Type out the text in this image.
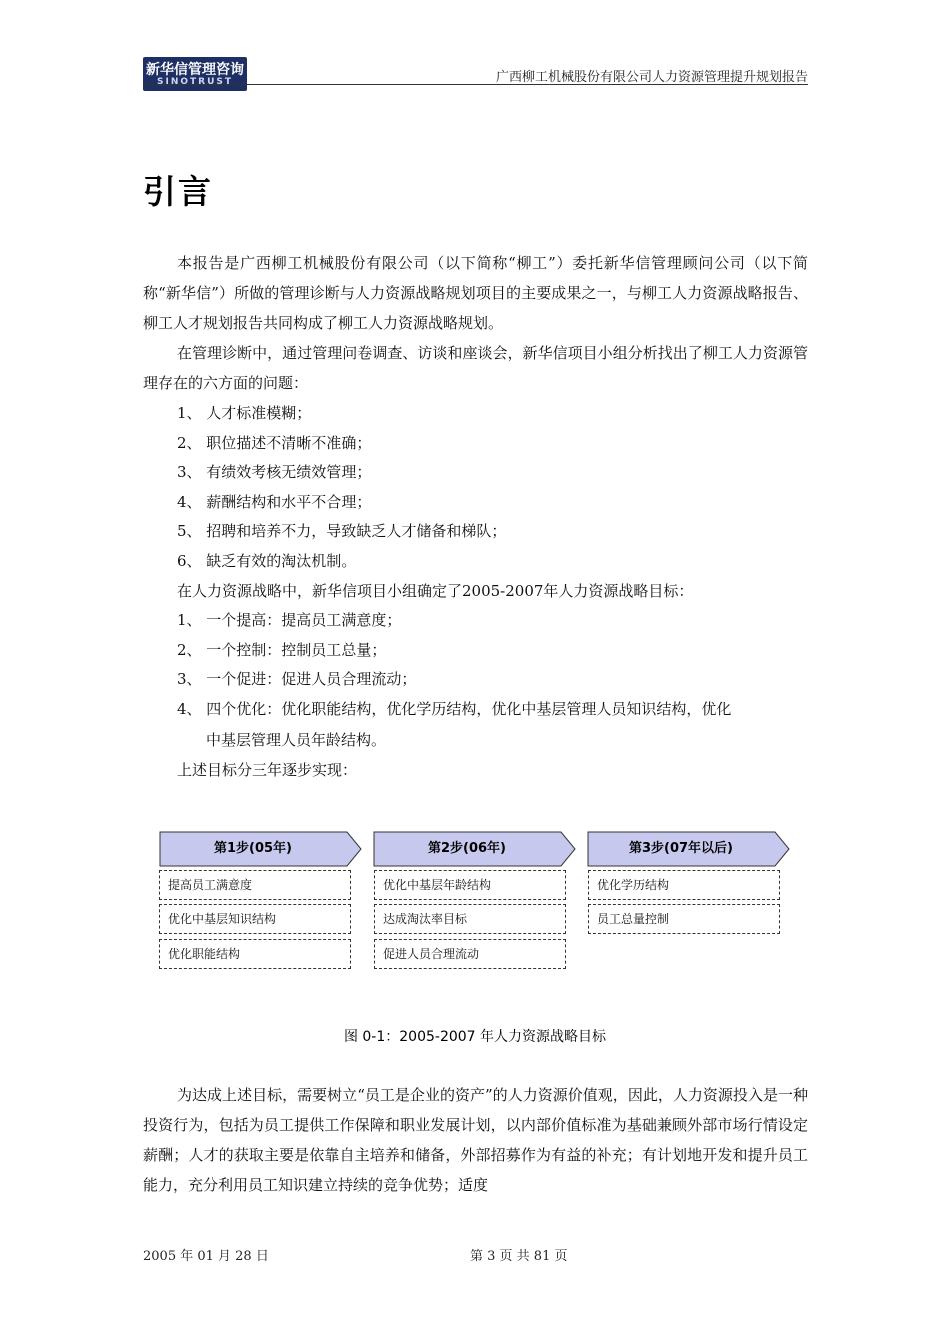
新华信管理咨询
SINOTRUST	广西柳工机械股份有限公司人力资源管理提升规划报告
引言
本报告是广西柳工机械股份有限公司（以下简称“柳工”）委托新华信管理顾问公司（以下简称“新华信”）所做的管理诊断与人力资源战略规划项目的主要成果之一，与柳工人力资源战略报告、柳工人才规划报告共同构成了柳工人力资源战略规划。
在管理诊断中，通过管理问卷调查、访谈和座谈会，新华信项目小组分析找出了柳工人力资源管理存在的六方面的问题：
1、 人才标准模糊；
2、 职位描述不清晰不准确；
3、 有绩效考核无绩效管理；
4、 薪酬结构和水平不合理；
5、 招聘和培养不力，导致缺乏人才储备和梯队；
6、 缺乏有效的淘汰机制。
在人力资源战略中，新华信项目小组确定了2005-2007年人力资源战略目标：
1、 一个提高：提高员工满意度；
2、 一个控制：控制员工总量；
3、 一个促进：促进人员合理流动；
4、 四个优化：优化职能结构，优化学历结构，优化中基层管理人员知识结构，优化
中基层管理人员年龄结构。
上述目标分三年逐步实现：
第1步(05年)
提高员工满意度
优化中基层知识结构
优化职能结构
第2步(06年)
优化中基层年龄结构
达成淘汰率目标
促进人员合理流动
第3步(07年以后)
优化学历结构
员工总量控制
图 0-1：2005-2007 年人力资源战略目标
为达成上述目标，需要树立“员工是企业的资产”的人力资源价值观，因此，人力资源投入是一种投资行为，包括为员工提供工作保障和职业发展计划，以内部价值标准为基础兼顾外部市场行情设定薪酬；人才的获取主要是依靠自主培养和储备，外部招募作为有益的补充；有计划地开发和提升员工能力，充分利用员工知识建立持续的竞争优势；适度
2005 年 01 月 28 日	第 3 页 共 81 页
